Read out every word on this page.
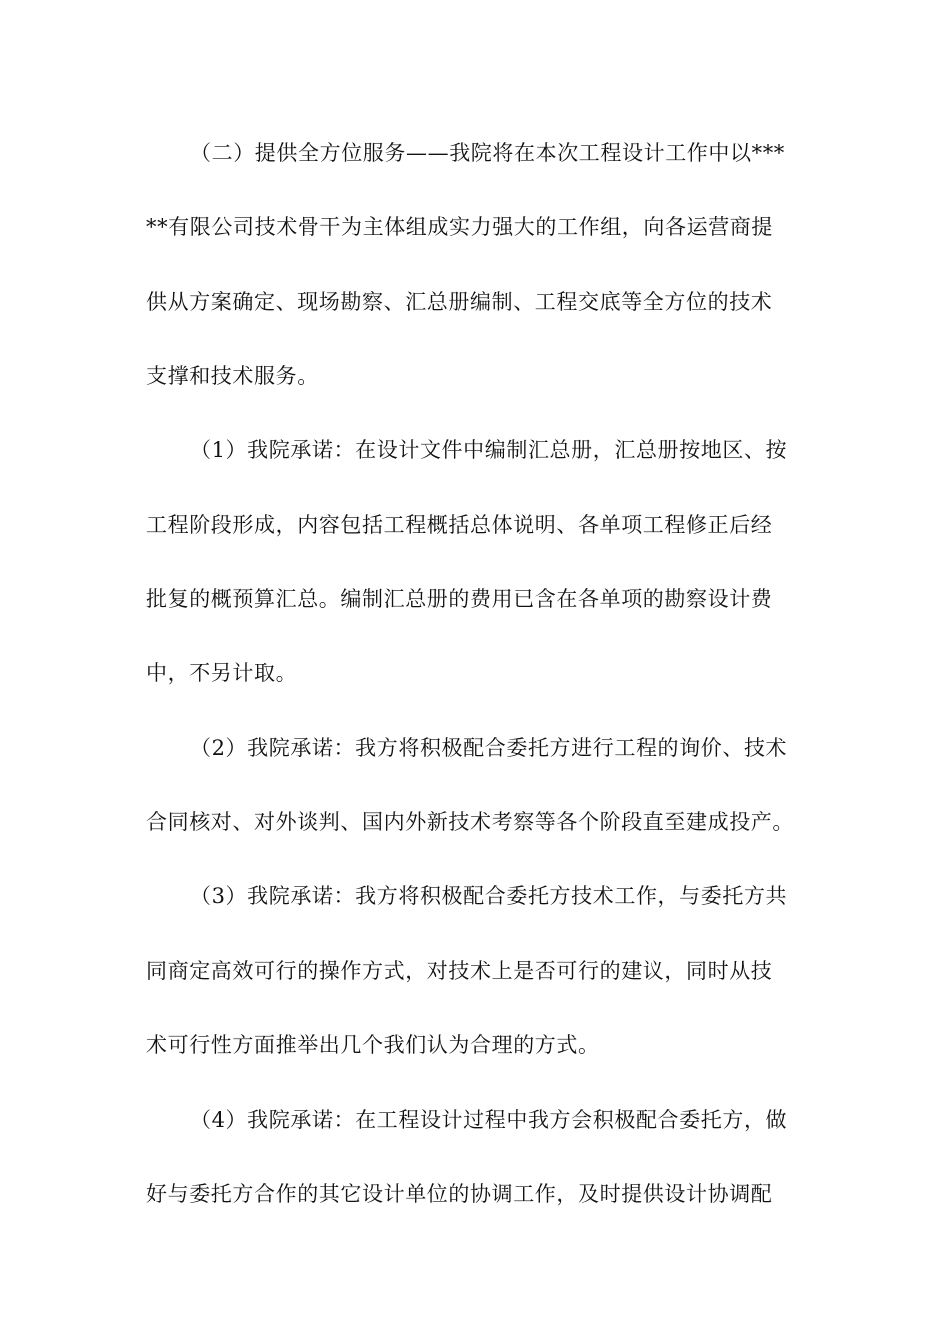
（二）提供全方位服务——我院将在本次工程设计工作中以***
**有限公司技术骨干为主体组成实力强大的工作组，向各运营商提
供从方案确定、现场勘察、汇总册编制、工程交底等全方位的技术
支撑和技术服务。
（1）我院承诺：在设计文件中编制汇总册，汇总册按地区、按
工程阶段形成，内容包括工程概括总体说明、各单项工程修正后经
批复的概预算汇总。编制汇总册的费用已含在各单项的勘察设计费
中，不另计取。
（2）我院承诺：我方将积极配合委托方进行工程的询价、技术
合同核对、对外谈判、国内外新技术考察等各个阶段直至建成投产。
（3）我院承诺：我方将积极配合委托方技术工作，与委托方共
同商定高效可行的操作方式，对技术上是否可行的建议，同时从技
术可行性方面推举出几个我们认为合理的方式。
（4）我院承诺：在工程设计过程中我方会积极配合委托方，做
好与委托方合作的其它设计单位的协调工作，及时提供设计协调配
